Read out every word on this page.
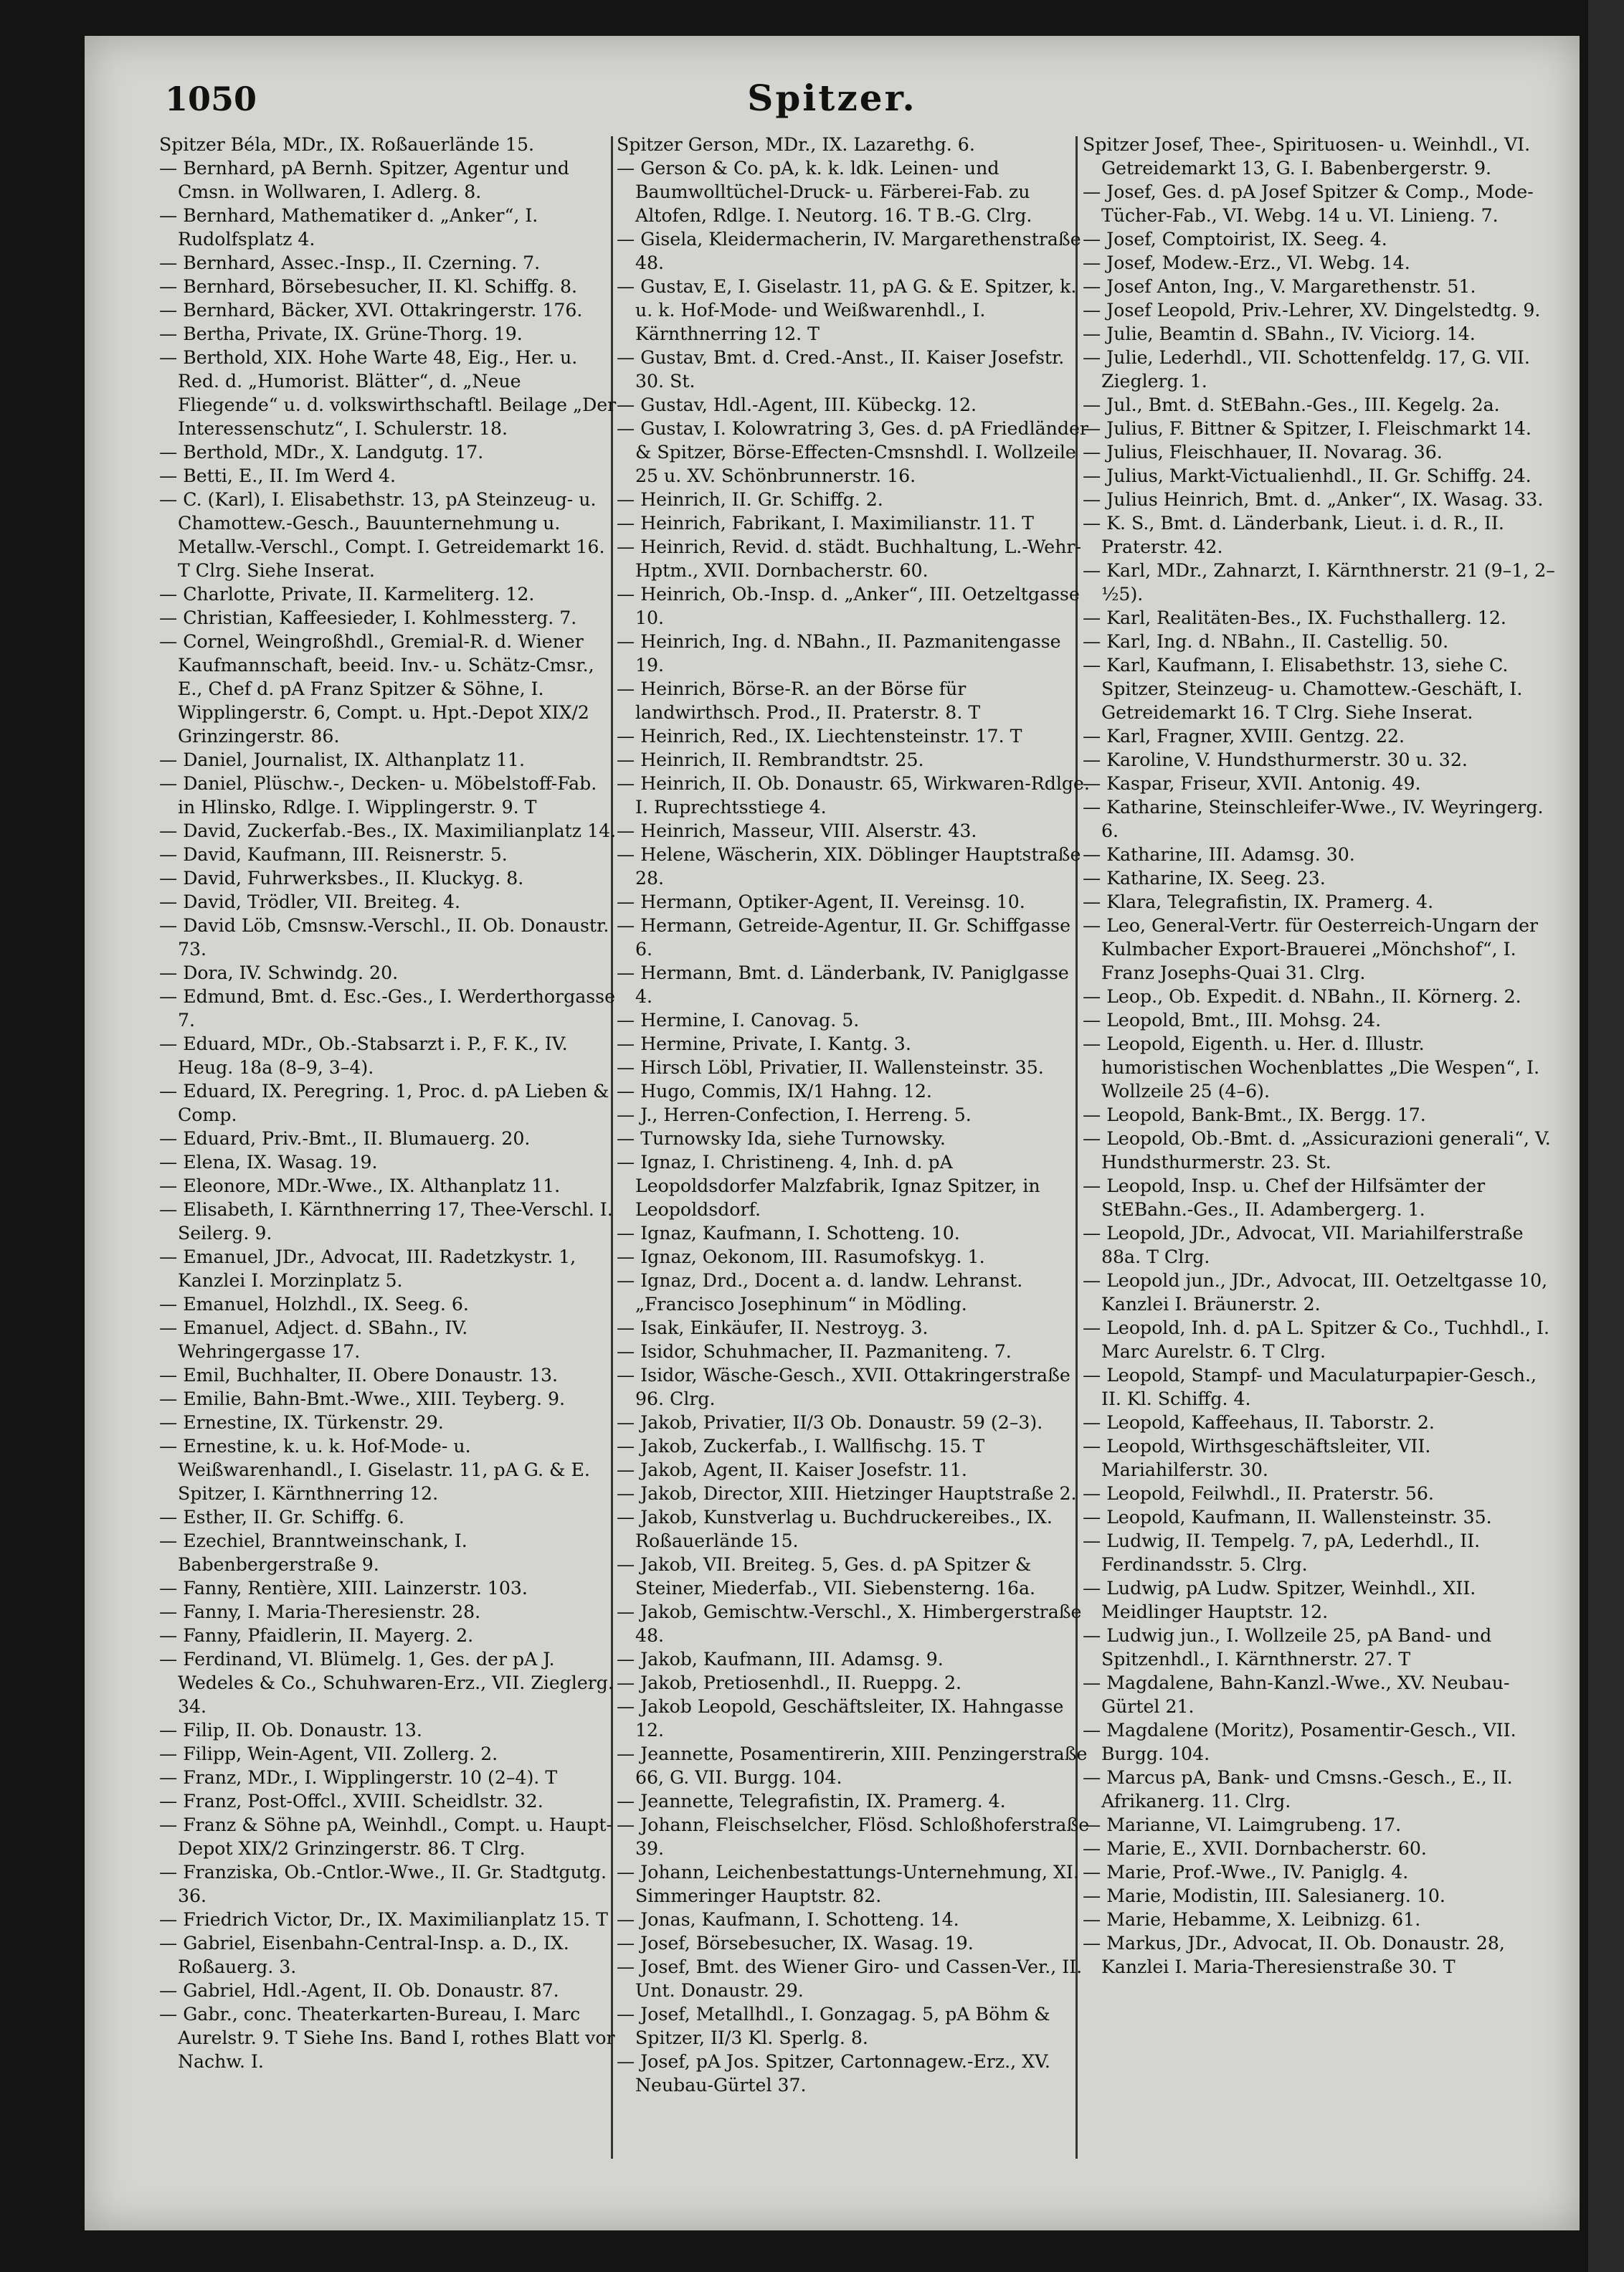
1050	Spitzer.

Spitzer Béla, MDr., IX. Roßauerlände 15.

— Bernhard, pA Bernh. Spitzer, Agentur und Cmsn. in Wollwaren, I. Adlerg. 8.

— Bernhard, Mathematiker d. „Anker“, I. Rudolfsplatz 4.

— Bernhard, Assec.-Insp., II. Czerning. 7.

— Bernhard, Börsebesucher, II. Kl. Schiffg. 8.

— Bernhard, Bäcker, XVI. Ottakringerstr. 176.

— Bertha, Private, IX. Grüne-Thorg. 19.

— Berthold, XIX. Hohe Warte 48, Eig., Her. u. Red. d. „Humorist. Blätter“, d. „Neue Fliegende“ u. d. volkswirthschaftl. Beilage „Der Interessenschutz“, I. Schulerstr. 18.

— Berthold, MDr., X. Landgutg. 17.

— Betti, E., II. Im Werd 4.

— C. (Karl), I. Elisabethstr. 13, pA Steinzeug- u. Chamottew.-Gesch., Bauunternehmung u. Metallw.-Verschl., Compt. I. Getreidemarkt 16. T Clrg. Siehe Inserat.

— Charlotte, Private, II. Karmeliterg. 12.

— Christian, Kaffeesieder, I. Kohlmessterg. 7.

— Cornel, Weingroßhdl., Gremial-R. d. Wiener Kaufmannschaft, beeid. Inv.- u. Schätz-Cmsr., E., Chef d. pA Franz Spitzer & Söhne, I. Wipplingerstr. 6, Compt. u. Hpt.-Depot XIX/2 Grinzingerstr. 86.

— Daniel, Journalist, IX. Althanplatz 11.

— Daniel, Plüschw.-, Decken- u. Möbelstoff-Fab. in Hlinsko, Rdlge. I. Wipplingerstr. 9. T

— David, Zuckerfab.-Bes., IX. Maximilianplatz 14.

— David, Kaufmann, III. Reisnerstr. 5.

— David, Fuhrwerksbes., II. Kluckyg. 8.

— David, Trödler, VII. Breiteg. 4.

— David Löb, Cmsnsw.-Verschl., II. Ob. Donaustr. 73.

— Dora, IV. Schwindg. 20.

— Edmund, Bmt. d. Esc.-Ges., I. Werderthorgasse 7.

— Eduard, MDr., Ob.-Stabsarzt i. P., F. K., IV. Heug. 18a (8–9, 3–4).

— Eduard, IX. Peregring. 1, Proc. d. pA Lieben & Comp.

— Eduard, Priv.-Bmt., II. Blumauerg. 20.

— Elena, IX. Wasag. 19.

— Eleonore, MDr.-Wwe., IX. Althanplatz 11.

— Elisabeth, I. Kärnthnerring 17, Thee-Verschl. I. Seilerg. 9.

— Emanuel, JDr., Advocat, III. Radetzkystr. 1, Kanzlei I. Morzinplatz 5.

— Emanuel, Holzhdl., IX. Seeg. 6.

— Emanuel, Adject. d. SBahn., IV. Wehringergasse 17.

— Emil, Buchhalter, II. Obere Donaustr. 13.

— Emilie, Bahn-Bmt.-Wwe., XIII. Teyberg. 9.

— Ernestine, IX. Türkenstr. 29.

— Ernestine, k. u. k. Hof-Mode- u. Weißwarenhandl., I. Giselastr. 11, pA G. & E. Spitzer, I. Kärnthnerring 12.

— Esther, II. Gr. Schiffg. 6.

— Ezechiel, Branntweinschank, I. Babenbergerstraße 9.

— Fanny, Rentière, XIII. Lainzerstr. 103.

— Fanny, I. Maria-Theresienstr. 28.

— Fanny, Pfaidlerin, II. Mayerg. 2.

— Ferdinand, VI. Blümelg. 1, Ges. der pA J. Wedeles & Co., Schuhwaren-Erz., VII. Zieglerg. 34.

— Filip, II. Ob. Donaustr. 13.

— Filipp, Wein-Agent, VII. Zollerg. 2.

— Franz, MDr., I. Wipplingerstr. 10 (2–4). T

— Franz, Post-Offcl., XVIII. Scheidlstr. 32.

— Franz & Söhne pA, Weinhdl., Compt. u. Haupt-Depot XIX/2 Grinzingerstr. 86. T Clrg.

— Franziska, Ob.-Cntlor.-Wwe., II. Gr. Stadtgutg. 36.

— Friedrich Victor, Dr., IX. Maximilianplatz 15. T

— Gabriel, Eisenbahn-Central-Insp. a. D., IX. Roßauerg. 3.

— Gabriel, Hdl.-Agent, II. Ob. Donaustr. 87.

— Gabr., conc. Theaterkarten-Bureau, I. Marc Aurelstr. 9. T Siehe Ins. Band I, rothes Blatt vor Nachw. I.

Spitzer Gerson, MDr., IX. Lazarethg. 6.

— Gerson & Co. pA, k. k. ldk. Leinen- und Baumwolltüchel-Druck- u. Färberei-Fab. zu Altofen, Rdlge. I. Neutorg. 16. T B.-G. Clrg.

— Gisela, Kleidermacherin, IV. Margarethenstraße 48.

— Gustav, E, I. Giselastr. 11, pA G. & E. Spitzer, k. u. k. Hof-Mode- und Weißwarenhdl., I. Kärnthnerring 12. T

— Gustav, Bmt. d. Cred.-Anst., II. Kaiser Josefstr. 30. St.

— Gustav, Hdl.-Agent, III. Kübeckg. 12.

— Gustav, I. Kolowratring 3, Ges. d. pA Friedländer & Spitzer, Börse-Effecten-Cmsnshdl. I. Wollzeile 25 u. XV. Schönbrunnerstr. 16.

— Heinrich, II. Gr. Schiffg. 2.

— Heinrich, Fabrikant, I. Maximilianstr. 11. T

— Heinrich, Revid. d. städt. Buchhaltung, L.-Wehr-Hptm., XVII. Dornbacherstr. 60.

— Heinrich, Ob.-Insp. d. „Anker“, III. Oetzeltgasse 10.

— Heinrich, Ing. d. NBahn., II. Pazmanitengasse 19.

— Heinrich, Börse-R. an der Börse für landwirthsch. Prod., II. Praterstr. 8. T

— Heinrich, Red., IX. Liechtensteinstr. 17. T

— Heinrich, II. Rembrandtstr. 25.

— Heinrich, II. Ob. Donaustr. 65, Wirkwaren-Rdlge. I. Ruprechtsstiege 4.

— Heinrich, Masseur, VIII. Alserstr. 43.

— Helene, Wäscherin, XIX. Döblinger Hauptstraße 28.

— Hermann, Optiker-Agent, II. Vereinsg. 10.

— Hermann, Getreide-Agentur, II. Gr. Schiffgasse 6.

— Hermann, Bmt. d. Länderbank, IV. Paniglgasse 4.

— Hermine, I. Canovag. 5.

— Hermine, Private, I. Kantg. 3.

— Hirsch Löbl, Privatier, II. Wallensteinstr. 35.

— Hugo, Commis, IX/1 Hahng. 12.

— J., Herren-Confection, I. Herreng. 5.

— Turnowsky Ida, siehe Turnowsky.

— Ignaz, I. Christineng. 4, Inh. d. pA Leopoldsdorfer Malzfabrik, Ignaz Spitzer, in Leopoldsdorf.

— Ignaz, Kaufmann, I. Schotteng. 10.

— Ignaz, Oekonom, III. Rasumofskyg. 1.

— Ignaz, Drd., Docent a. d. landw. Lehranst. „Francisco Josephinum“ in Mödling.

— Isak, Einkäufer, II. Nestroyg. 3.

— Isidor, Schuhmacher, II. Pazmaniteng. 7.

— Isidor, Wäsche-Gesch., XVII. Ottakringerstraße 96. Clrg.

— Jakob, Privatier, II/3 Ob. Donaustr. 59 (2–3).

— Jakob, Zuckerfab., I. Wallfischg. 15. T

— Jakob, Agent, II. Kaiser Josefstr. 11.

— Jakob, Director, XIII. Hietzinger Hauptstraße 2.

— Jakob, Kunstverlag u. Buchdruckereibes., IX. Roßauerlände 15.

— Jakob, VII. Breiteg. 5, Ges. d. pA Spitzer & Steiner, Miederfab., VII. Siebensterng. 16a.

— Jakob, Gemischtw.-Verschl., X. Himbergerstraße 48.

— Jakob, Kaufmann, III. Adamsg. 9.

— Jakob, Pretiosenhdl., II. Rueppg. 2.

— Jakob Leopold, Geschäftsleiter, IX. Hahngasse 12.

— Jeannette, Posamentirerin, XIII. Penzingerstraße 66, G. VII. Burgg. 104.

— Jeannette, Telegrafistin, IX. Pramerg. 4.

— Johann, Fleischselcher, Flösd. Schloßhoferstraße 39.

— Johann, Leichenbestattungs-Unternehmung, XI. Simmeringer Hauptstr. 82.

— Jonas, Kaufmann, I. Schotteng. 14.

— Josef, Börsebesucher, IX. Wasag. 19.

— Josef, Bmt. des Wiener Giro- und Cassen-Ver., II. Unt. Donaustr. 29.

— Josef, Metallhdl., I. Gonzagag. 5, pA Böhm & Spitzer, II/3 Kl. Sperlg. 8.

— Josef, pA Jos. Spitzer, Cartonnagew.-Erz., XV. Neubau-Gürtel 37.

Spitzer Josef, Thee-, Spirituosen- u. Weinhdl., VI. Getreidemarkt 13, G. I. Babenbergerstr. 9.

— Josef, Ges. d. pA Josef Spitzer & Comp., Mode-Tücher-Fab., VI. Webg. 14 u. VI. Linieng. 7.

— Josef, Comptoirist, IX. Seeg. 4.

— Josef, Modew.-Erz., VI. Webg. 14.

— Josef Anton, Ing., V. Margarethenstr. 51.

— Josef Leopold, Priv.-Lehrer, XV. Dingelstedtg. 9.

— Julie, Beamtin d. SBahn., IV. Viciorg. 14.

— Julie, Lederhdl., VII. Schottenfeldg. 17, G. VII. Zieglerg. 1.

— Jul., Bmt. d. StEBahn.-Ges., III. Kegelg. 2a.

— Julius, F. Bittner & Spitzer, I. Fleischmarkt 14.

— Julius, Fleischhauer, II. Novarag. 36.

— Julius, Markt-Victualienhdl., II. Gr. Schiffg. 24.

— Julius Heinrich, Bmt. d. „Anker“, IX. Wasag. 33.

— K. S., Bmt. d. Länderbank, Lieut. i. d. R., II. Praterstr. 42.

— Karl, MDr., Zahnarzt, I. Kärnthnerstr. 21 (9–1, 2–½5).

— Karl, Realitäten-Bes., IX. Fuchsthallerg. 12.

— Karl, Ing. d. NBahn., II. Castellig. 50.

— Karl, Kaufmann, I. Elisabethstr. 13, siehe C. Spitzer, Steinzeug- u. Chamottew.-Geschäft, I. Getreidemarkt 16. T Clrg. Siehe Inserat.

— Karl, Fragner, XVIII. Gentzg. 22.

— Karoline, V. Hundsthurmerstr. 30 u. 32.

— Kaspar, Friseur, XVII. Antonig. 49.

— Katharine, Steinschleifer-Wwe., IV. Weyringerg. 6.

— Katharine, III. Adamsg. 30.

— Katharine, IX. Seeg. 23.

— Klara, Telegrafistin, IX. Pramerg. 4.

— Leo, General-Vertr. für Oesterreich-Ungarn der Kulmbacher Export-Brauerei „Mönchshof“, I. Franz Josephs-Quai 31. Clrg.

— Leop., Ob. Expedit. d. NBahn., II. Körnerg. 2.

— Leopold, Bmt., III. Mohsg. 24.

— Leopold, Eigenth. u. Her. d. Illustr. humoristischen Wochenblattes „Die Wespen“, I. Wollzeile 25 (4–6).

— Leopold, Bank-Bmt., IX. Bergg. 17.

— Leopold, Ob.-Bmt. d. „Assicurazioni generali“, V. Hundsthurmerstr. 23. St.

— Leopold, Insp. u. Chef der Hilfsämter der StEBahn.-Ges., II. Adambergerg. 1.

— Leopold, JDr., Advocat, VII. Mariahilferstraße 88a. T Clrg.

— Leopold jun., JDr., Advocat, III. Oetzeltgasse 10, Kanzlei I. Bräunerstr. 2.

— Leopold, Inh. d. pA L. Spitzer & Co., Tuchhdl., I. Marc Aurelstr. 6. T Clrg.

— Leopold, Stampf- und Maculaturpapier-Gesch., II. Kl. Schiffg. 4.

— Leopold, Kaffeehaus, II. Taborstr. 2.

— Leopold, Wirthsgeschäftsleiter, VII. Mariahilferstr. 30.

— Leopold, Feilwhdl., II. Praterstr. 56.

— Leopold, Kaufmann, II. Wallensteinstr. 35.

— Ludwig, II. Tempelg. 7, pA, Lederhdl., II. Ferdinandsstr. 5. Clrg.

— Ludwig, pA Ludw. Spitzer, Weinhdl., XII. Meidlinger Hauptstr. 12.

— Ludwig jun., I. Wollzeile 25, pA Band- und Spitzenhdl., I. Kärnthnerstr. 27. T

— Magdalene, Bahn-Kanzl.-Wwe., XV. Neubau-Gürtel 21.

— Magdalene (Moritz), Posamentir-Gesch., VII. Burgg. 104.

— Marcus pA, Bank- und Cmsns.-Gesch., E., II. Afrikanerg. 11. Clrg.

— Marianne, VI. Laimgrubeng. 17.

— Marie, E., XVII. Dornbacherstr. 60.

— Marie, Prof.-Wwe., IV. Paniglg. 4.

— Marie, Modistin, III. Salesianerg. 10.

— Marie, Hebamme, X. Leibnizg. 61.

— Markus, JDr., Advocat, II. Ob. Donaustr. 28, Kanzlei I. Maria-Theresienstraße 30. T
